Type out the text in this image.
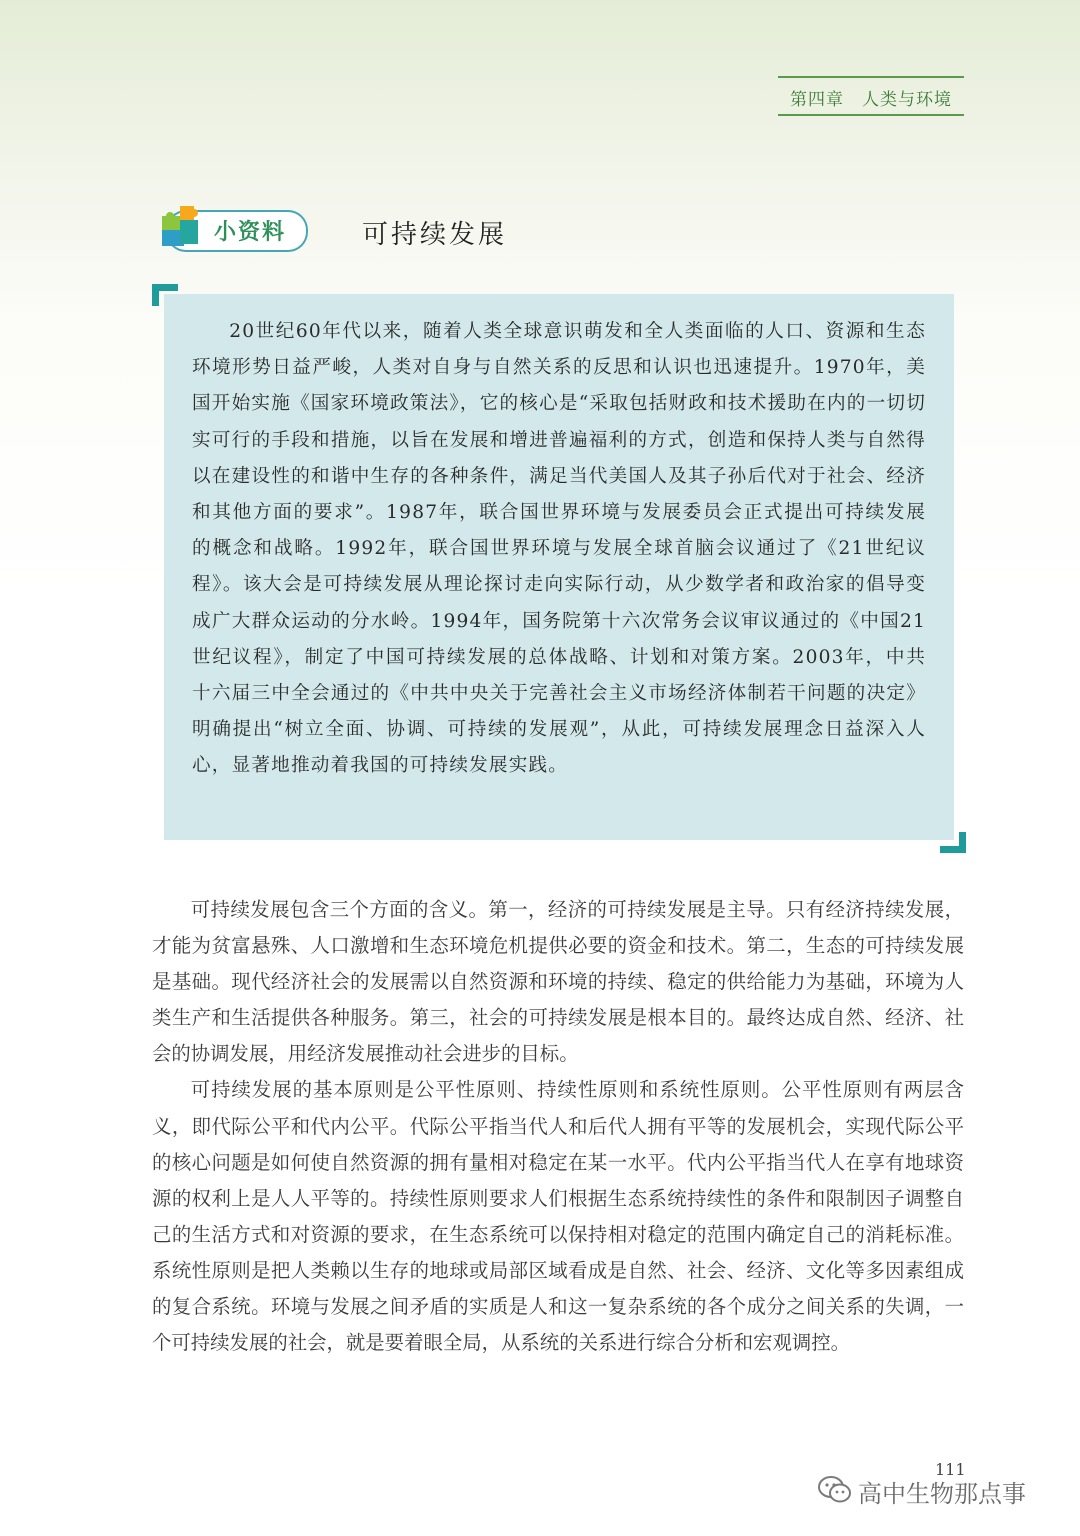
第四章 人类与环境
小资料	可持续发展

20世纪60年代以来，随着人类全球意识萌发和全人类面临的人口、资源和生态环境形势日益严峻，人类对自身与自然关系的反思和认识也迅速提升。1970年，美国开始实施《国家环境政策法》，它的核心是“采取包括财政和技术援助在内的一切切实可行的手段和措施，以旨在发展和增进普遍福利的方式，创造和保持人类与自然得以在建设性的和谐中生存的各种条件，满足当代美国人及其子孙后代对于社会、经济和其他方面的要求”。1987年，联合国世界环境与发展委员会正式提出可持续发展的概念和战略。1992年，联合国世界环境与发展全球首脑会议通过了《21世纪议程》。该大会是可持续发展从理论探讨走向实际行动，从少数学者和政治家的倡导变成广大群众运动的分水岭。1994年，国务院第十六次常务会议审议通过的《中国21世纪议程》，制定了中国可持续发展的总体战略、计划和对策方案。2003年，中共十六届三中全会通过的《中共中央关于完善社会主义市场经济体制若干问题的决定》明确提出“树立全面、协调、可持续的发展观”，从此，可持续发展理念日益深入人心，显著地推动着我国的可持续发展实践。

可持续发展包含三个方面的含义。第一，经济的可持续发展是主导。只有经济持续发展，才能为贫富悬殊、人口激增和生态环境危机提供必要的资金和技术。第二，生态的可持续发展是基础。现代经济社会的发展需以自然资源和环境的持续、稳定的供给能力为基础，环境为人类生产和生活提供各种服务。第三，社会的可持续发展是根本目的。最终达成自然、经济、社会的协调发展，用经济发展推动社会进步的目标。

可持续发展的基本原则是公平性原则、持续性原则和系统性原则。公平性原则有两层含义，即代际公平和代内公平。代际公平指当代人和后代人拥有平等的发展机会，实现代际公平的核心问题是如何使自然资源的拥有量相对稳定在某一水平。代内公平指当代人在享有地球资源的权利上是人人平等的。持续性原则要求人们根据生态系统持续性的条件和限制因子调整自己的生活方式和对资源的要求，在生态系统可以保持相对稳定的范围内确定自己的消耗标准。系统性原则是把人类赖以生存的地球或局部区域看成是自然、社会、经济、文化等多因素组成的复合系统。环境与发展之间矛盾的实质是人和这一复杂系统的各个成分之间关系的失调，一个可持续发展的社会，就是要着眼全局，从系统的关系进行综合分析和宏观调控。

111
高中生物那点事
